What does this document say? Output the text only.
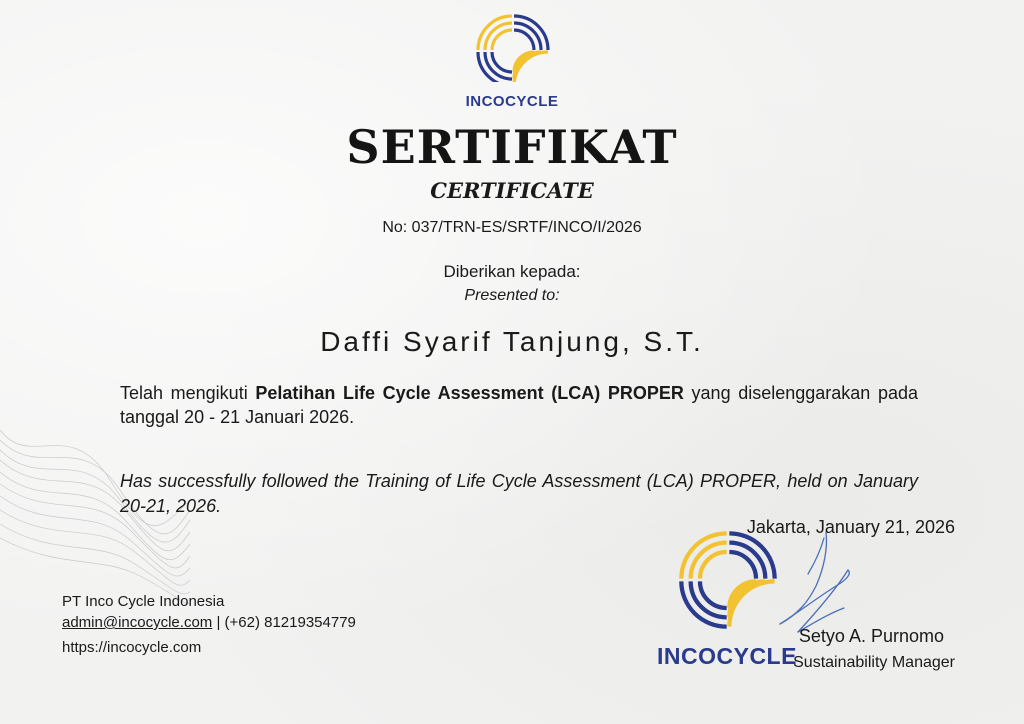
INCOCYCLE
SERTIFIKAT
CERTIFICATE
No: 037/TRN-ES/SRTF/INCO/I/2026
Diberikan kepada:
Presented to:
Daffi Syarif Tanjung, S.T.
Telah mengikuti Pelatihan Life Cycle Assessment (LCA) PROPER yang diselenggarakan pada tanggal 20 - 21 Januari 2026.
Has successfully followed the Training of Life Cycle Assessment (LCA) PROPER, held on January 20-21, 2026.
INCOCYCLE
Jakarta, January 21, 2026
Setyo A. Purnomo
Sustainability Manager
PT Inco Cycle Indonesia
admin@incocycle.com | (+62) 81219354779
https://incocycle.com
